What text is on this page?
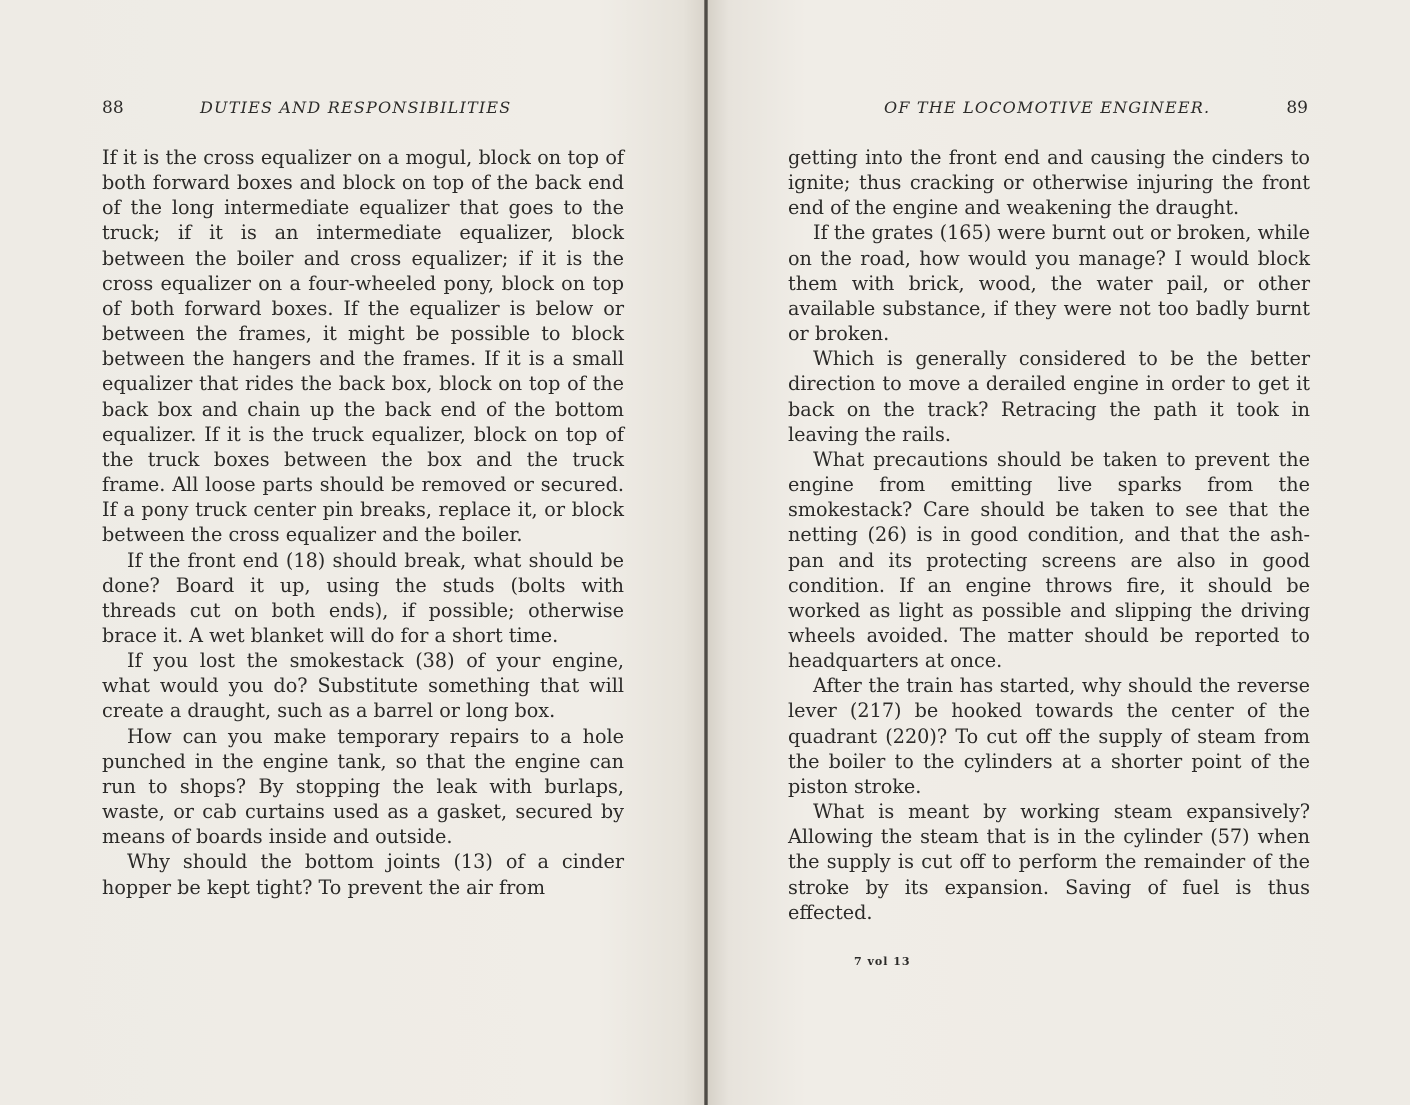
88	DUTIES AND RESPONSIBILITIES

If it is the cross equalizer on a mogul, block on top of both forward boxes and block on top of the back end of the long intermediate equalizer that goes to the truck; if it is an intermediate equalizer, block between the boiler and cross equalizer; if it is the cross equalizer on a four-wheeled pony, block on top of both forward boxes. If the equalizer is below or between the frames, it might be possible to block between the hangers and the frames. If it is a small equalizer that rides the back box, block on top of the back box and chain up the back end of the bottom equalizer. If it is the truck equalizer, block on top of the truck boxes between the box and the truck frame. All loose parts should be removed or secured. If a pony truck center pin breaks, replace it, or block between the cross equalizer and the boiler.

If the front end (18) should break, what should be done? Board it up, using the studs (bolts with threads cut on both ends), if possible; otherwise brace it. A wet blanket will do for a short time.

If you lost the smokestack (38) of your engine, what would you do? Substitute something that will create a draught, such as a barrel or long box.

How can you make temporary repairs to a hole punched in the engine tank, so that the engine can run to shops? By stopping the leak with burlaps, waste, or cab curtains used as a gasket, secured by means of boards inside and outside.

Why should the bottom joints (13) of a cinder hopper be kept tight? To prevent the air from

OF THE LOCOMOTIVE ENGINEER.	89

getting into the front end and causing the cinders to ignite; thus cracking or otherwise injuring the front end of the engine and weakening the draught.

If the grates (165) were burnt out or broken, while on the road, how would you manage? I would block them with brick, wood, the water pail, or other available substance, if they were not too badly burnt or broken.

Which is generally considered to be the better direction to move a derailed engine in order to get it back on the track? Retracing the path it took in leaving the rails.

What precautions should be taken to prevent the engine from emitting live sparks from the smokestack? Care should be taken to see that the netting (26) is in good condition, and that the ash-pan and its protecting screens are also in good condition. If an engine throws fire, it should be worked as light as possible and slipping the driving wheels avoided. The matter should be reported to headquarters at once.

After the train has started, why should the reverse lever (217) be hooked towards the center of the quadrant (220)? To cut off the supply of steam from the boiler to the cylinders at a shorter point of the piston stroke.

What is meant by working steam expansively? Allowing the steam that is in the cylinder (57) when the supply is cut off to perform the remainder of the stroke by its expansion. Saving of fuel is thus effected.

7 vol 13
